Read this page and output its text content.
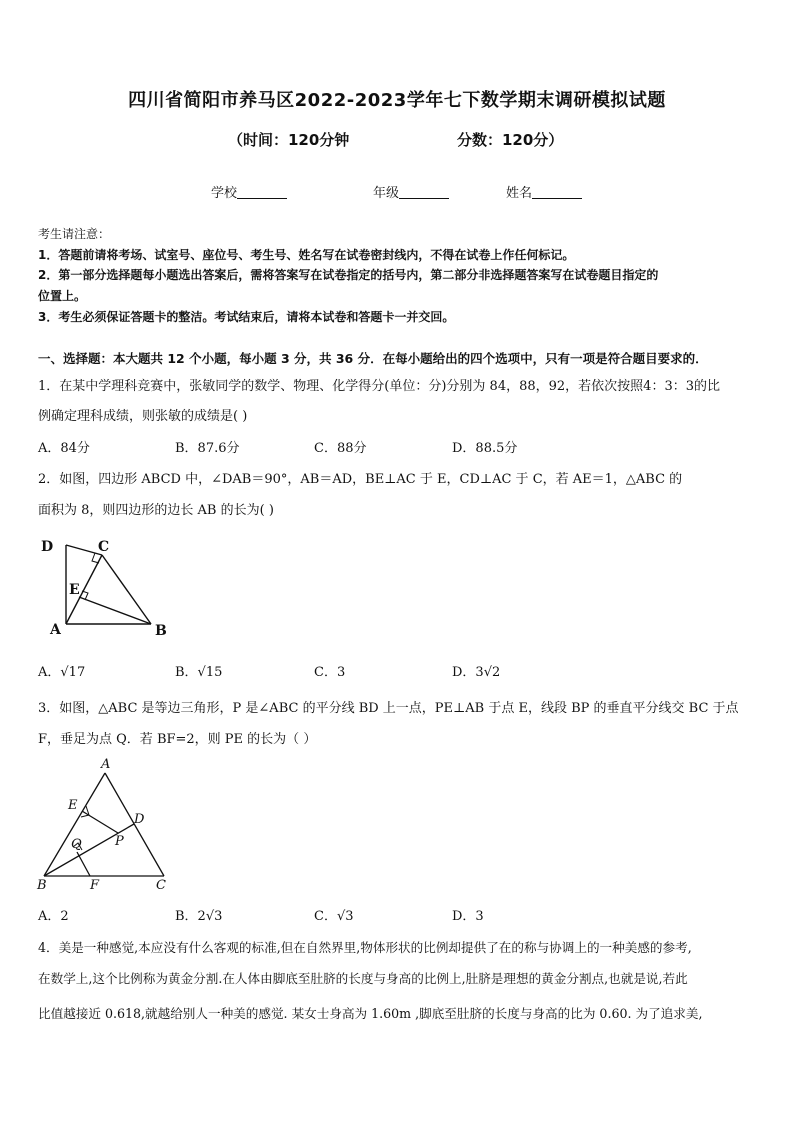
四川省简阳市养马区2022-2023学年七下数学期末调研模拟试题
（时间：120分钟	分数：120分）
学校	年级	姓名
考生请注意：
1．答题前请将考场、试室号、座位号、考生号、姓名写在试卷密封线内，不得在试卷上作任何标记。
2．第一部分选择题每小题选出答案后，需将答案写在试卷指定的括号内，第二部分非选择题答案写在试卷题目指定的
位置上。
3．考生必须保证答题卡的整洁。考试结束后，请将本试卷和答题卡一并交回。
一、选择题：本大题共 12 个小题，每小题 3 分，共 36 分．在每小题给出的四个选项中，只有一项是符合题目要求的．
1．在某中学理科竞赛中，张敏同学的数学、物理、化学得分(单位：分)分别为 84，88，92，若依次按照4：3：3的比
例确定理科成绩，则张敏的成绩是( )
A．84分	B．87.6分	C．88分	D．88.5分
2．如图，四边形 ABCD 中，∠DAB＝90°，AB＝AD，BE⊥AC 于 E，CD⊥AC 于 C，若 AE＝1，△ABC 的
面积为 8，则四边形的边长 AB 的长为( )
D	C
E
A	B
A．√17	B．√15	C．3	D．3√2
3．如图，△ABC 是等边三角形，P 是∠ABC 的平分线 BD 上一点，PE⊥AB 于点 E，线段 BP 的垂直平分线交 BC 于点
F，垂足为点 Q．若 BF=2，则 PE 的长为（ ）
A
E
D
Q	P
B	F	C
A．2	B．2√3	C．√3	D．3
4．美是一种感觉,本应没有什么客观的标准,但在自然界里,物体形状的比例却提供了在的称与协调上的一种美感的参考,
在数学上,这个比例称为黄金分割.在人体由脚底至肚脐的长度与身高的比例上,肚脐是理想的黄金分割点,也就是说,若此
比值越接近 0.618,就越给别人一种美的感觉. 某女士身高为 1.60m ,脚底至肚脐的长度与身高的比为 0.60. 为了追求美,
